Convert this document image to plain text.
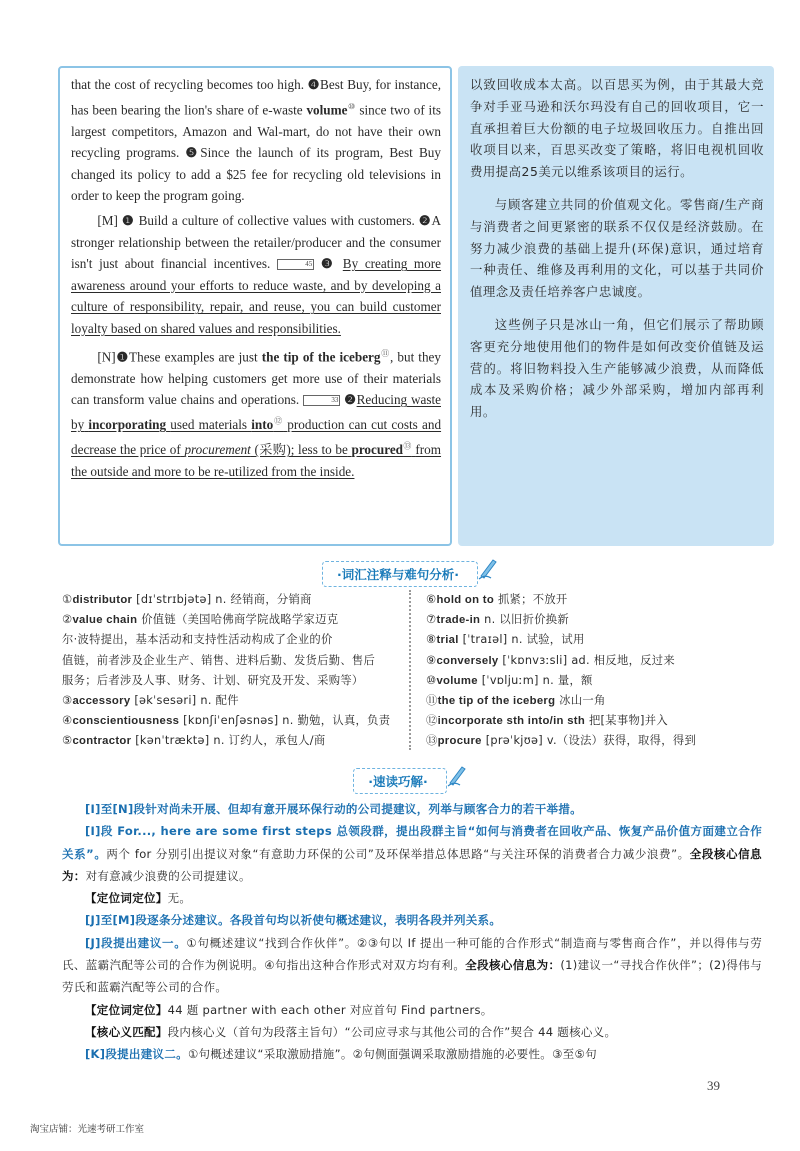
that the cost of recycling becomes too high. ❹Best Buy, for instance, has been bearing the lion's share of e-waste volume⑩ since two of its largest competitors, Amazon and Wal-mart, do not have their own recycling programs. ❺Since the launch of its program, Best Buy changed its policy to add a $25 fee for recycling old televisions in order to keep the program going.

[M] ❶ Build a culture of collective values with customers. ❷A stronger relationship between the retailer/producer and the consumer isn't just about financial incentives.	45 ❸ By creating more awareness around your efforts to reduce waste, and by developing a culture of responsibility, repair, and reuse, you can build customer loyalty based on shared values and responsibilities.

[N]❶These examples are just the tip of the iceberg⑪, but they demonstrate how helping customers get more use of their materials can transform value chains and operations.	33 ❷Reducing waste by incorporating used materials into⑫ production can cut costs and decrease the price of procurement (采购); less to be procured⑬ from the outside and more to be re-utilized from the inside.

以致回收成本太高。以百思买为例，由于其最大竞争对手亚马逊和沃尔玛没有自己的回收项目，它一直承担着巨大份额的电子垃圾回收压力。自推出回收项目以来，百思买改变了策略，将旧电视机回收费用提高25美元以维系该项目的运行。

与顾客建立共同的价值观文化。零售商/生产商与消费者之间更紧密的联系不仅仅是经济鼓励。在努力减少浪费的基础上提升(环保)意识，通过培育一种责任、维修及再利用的文化，可以基于共同价值理念及责任培养客户忠诚度。

这些例子只是冰山一角，但它们展示了帮助顾客更充分地使用他们的物件是如何改变价值链及运营的。将旧物料投入生产能够减少浪费，从而降低成本及采购价格；减少外部采购，增加内部再利用。

·词汇注释与难句分析·
①distributor [dɪˈstrɪbjətə] n. 经销商，分销商
②value chain 价值链（美国哈佛商学院战略学家迈克
尔·波特提出，基本活动和支持性活动构成了企业的价
值链，前者涉及企业生产、销售、进料后勤、发货后勤、售后
服务；后者涉及人事、财务、计划、研究及开发、采购等）
③accessory [əkˈsesəri] n. 配件
④conscientiousness [kɒnʃiˈenʃəsnəs] n. 勤勉，认真，负责
⑤contractor [kənˈtræktə] n. 订约人，承包人/商
⑥hold on to 抓紧；不放开
⑦trade-in n. 以旧折价换新
⑧trial [ˈtraɪəl] n. 试验，试用
⑨conversely [ˈkɒnvɜːsli] ad. 相反地，反过来
⑩volume [ˈvɒljuːm] n. 量，额
⑪the tip of the iceberg 冰山一角
⑫incorporate sth into/in sth 把[某事物]并入
⑬procure [prəˈkjʊə] v.（设法）获得，取得，得到
·速读巧解·

[I]至[N]段针对尚未开展、但却有意开展环保行动的公司提建议，列举与顾客合力的若干举措。

[I]段 For..., here are some first steps 总领段群，提出段群主旨“如何与消费者在回收产品、恢复产品价值方面建立合作关系”。两个 for 分别引出提议对象“有意助力环保的公司”及环保举措总体思路“与关注环保的消费者合力减少浪费”。全段核心信息为：对有意减少浪费的公司提建议。

【定位词定位】无。

[J]至[M]段逐条分述建议。各段首句均以祈使句概述建议，表明各段并列关系。

[J]段提出建议一。①句概述建议“找到合作伙伴”。②③句以 If 提出一种可能的合作形式“制造商与零售商合作”，并以得伟与劳氏、蓝霸汽配等公司的合作为例说明。④句指出这种合作形式对双方均有利。全段核心信息为：(1)建议一“寻找合作伙伴”；(2)得伟与劳氏和蓝霸汽配等公司的合作。

【定位词定位】44 题 partner with each other 对应首句 Find partners。

【核心义匹配】段内核心义（首句为段落主旨句）“公司应寻求与其他公司的合作”契合 44 题核心义。

[K]段提出建议二。①句概述建议“采取激励措施”。②句侧面强调采取激励措施的必要性。③至⑤句

39
淘宝店铺：光速考研工作室
